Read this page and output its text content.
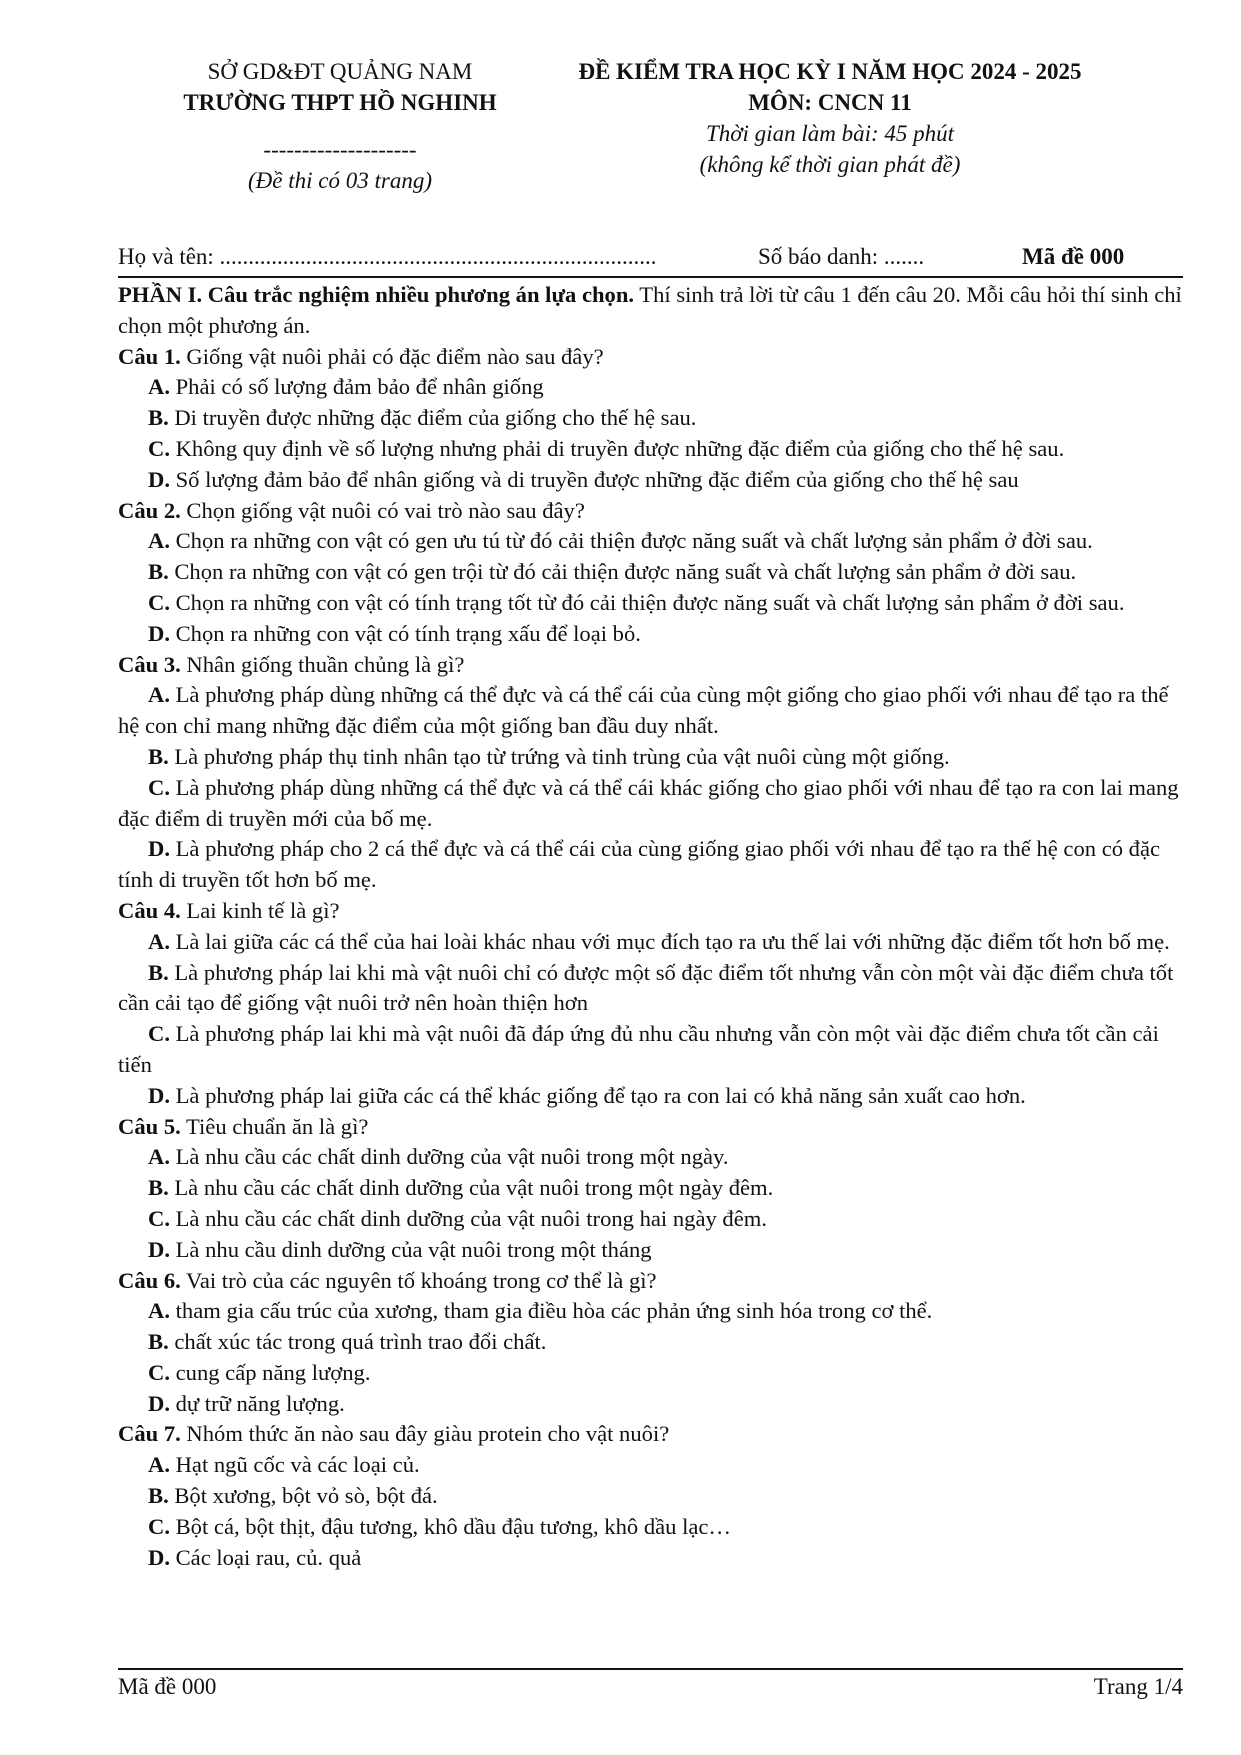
SỞ GD&ĐT QUẢNG NAM
TRƯỜNG THPT HỒ NGHINH
--------------------
(Đề thi có 03 trang)
ĐỀ KIỂM TRA HỌC KỲ I NĂM HỌC 2024 - 2025
MÔN: CNCN 11
Thời gian làm bài: 45 phút
(không kể thời gian phát đề)
Họ và tên: ............................................................................	Số báo danh: .......	Mã đề 000

PHẦN I. Câu trắc nghiệm nhiều phương án lựa chọn. Thí sinh trả lời từ câu 1 đến câu 20. Mỗi câu hỏi thí sinh chỉ chọn một phương án.

Câu 1. Giống vật nuôi phải có đặc điểm nào sau đây?

A. Phải có số lượng đảm bảo để nhân giống

B. Di truyền được những đặc điểm của giống cho thế hệ sau.

C. Không quy định về số lượng nhưng phải di truyền được những đặc điểm của giống cho thế hệ sau.

D. Số lượng đảm bảo để nhân giống và di truyền được những đặc điểm của giống cho thế hệ sau

Câu 2. Chọn giống vật nuôi có vai trò nào sau đây?

A. Chọn ra những con vật có gen ưu tú từ đó cải thiện được năng suất và chất lượng sản phẩm ở đời sau.

B. Chọn ra những con vật có gen trội từ đó cải thiện được năng suất và chất lượng sản phẩm ở đời sau.

C. Chọn ra những con vật có tính trạng tốt từ đó cải thiện được năng suất và chất lượng sản phẩm ở đời sau.

D. Chọn ra những con vật có tính trạng xấu để loại bỏ.

Câu 3. Nhân giống thuần chủng là gì?

A. Là phương pháp dùng những cá thể đực và cá thể cái của cùng một giống cho giao phối với nhau để tạo ra thế hệ con chỉ mang những đặc điểm của một giống ban đầu duy nhất.

B. Là phương pháp thụ tinh nhân tạo từ trứng và tinh trùng của vật nuôi cùng một giống.

C. Là phương pháp dùng những cá thể đực và cá thể cái khác giống cho giao phối với nhau để tạo ra con lai mang đặc điểm di truyền mới của bố mẹ.

D. Là phương pháp cho 2 cá thể đực và cá thể cái của cùng giống giao phối với nhau để tạo ra thế hệ con có đặc tính di truyền tốt hơn bố mẹ.

Câu 4. Lai kinh tế là gì?

A. Là lai giữa các cá thể của hai loài khác nhau với mục đích tạo ra ưu thế lai với những đặc điểm tốt hơn bố mẹ.

B. Là phương pháp lai khi mà vật nuôi chỉ có được một số đặc điểm tốt nhưng vẫn còn một vài đặc điểm chưa tốt cần cải tạo để giống vật nuôi trở nên hoàn thiện hơn

C. Là phương pháp lai khi mà vật nuôi đã đáp ứng đủ nhu cầu nhưng vẫn còn một vài đặc điểm chưa tốt cần cải tiến

D. Là phương pháp lai giữa các cá thể khác giống để tạo ra con lai có khả năng sản xuất cao hơn.

Câu 5. Tiêu chuẩn ăn là gì?

A. Là nhu cầu các chất dinh dưỡng của vật nuôi trong một ngày.

B. Là nhu cầu các chất dinh dưỡng của vật nuôi trong một ngày đêm.

C. Là nhu cầu các chất dinh dưỡng của vật nuôi trong hai ngày đêm.

D. Là nhu cầu dinh dưỡng của vật nuôi trong một tháng

Câu 6. Vai trò của các nguyên tố khoáng trong cơ thể là gì?

A. tham gia cấu trúc của xương, tham gia điều hòa các phản ứng sinh hóa trong cơ thể.

B. chất xúc tác trong quá trình trao đổi chất.

C. cung cấp năng lượng.

D. dự trữ năng lượng.

Câu 7. Nhóm thức ăn nào sau đây giàu protein cho vật nuôi?

A. Hạt ngũ cốc và các loại củ.

B. Bột xương, bột vỏ sò, bột đá.

C. Bột cá, bột thịt, đậu tương, khô dầu đậu tương, khô dầu lạc…

D. Các loại rau, củ. quả

Mã đề 000	Trang 1/4
